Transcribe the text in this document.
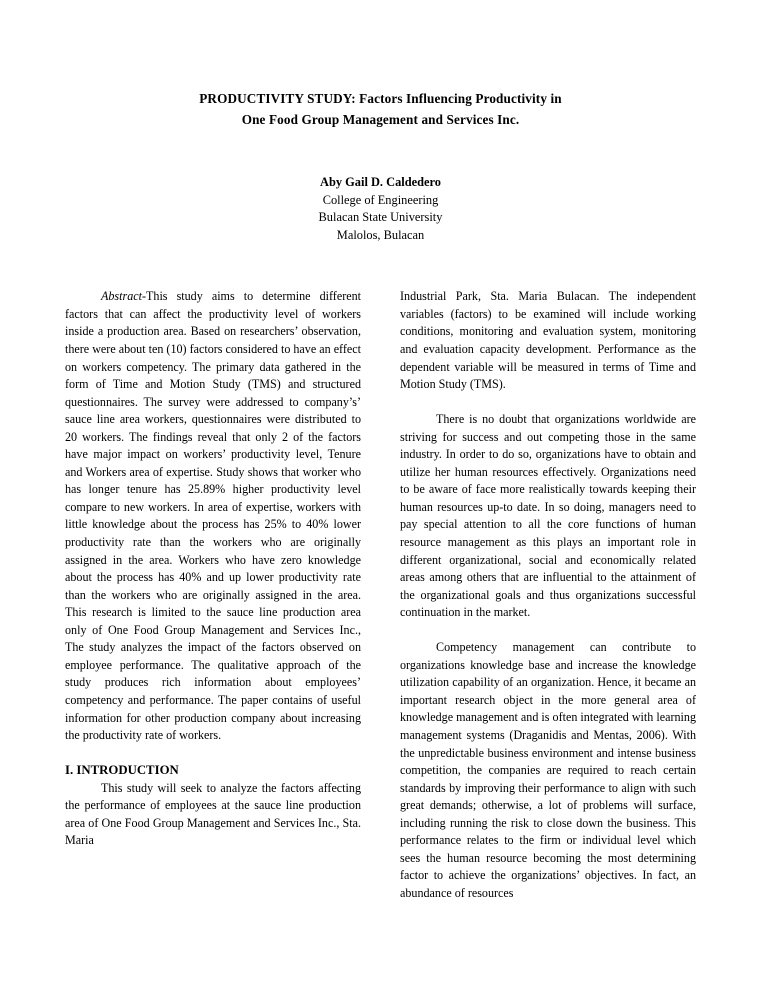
PRODUCTIVITY STUDY: Factors Influencing Productivity in
One Food Group Management and Services Inc.
Aby Gail D. Caldedero
College of Engineering
Bulacan State University
Malolos, Bulacan

Abstract-This study aims to determine different factors that can affect the productivity level of workers inside a production area. Based on researchers’ observation, there were about ten (10) factors considered to have an effect on workers competency. The primary data gathered in the form of Time and Motion Study (TMS) and structured questionnaires. The survey were addressed to company’s’ sauce line area workers, questionnaires were distributed to 20 workers. The findings reveal that only 2 of the factors have major impact on workers’ productivity level, Tenure and Workers area of expertise. Study shows that worker who has longer tenure has 25.89% higher productivity level compare to new workers. In area of expertise, workers with little knowledge about the process has 25% to 40% lower productivity rate than the workers who are originally assigned in the area. Workers who have zero knowledge about the process has 40% and up lower productivity rate than the workers who are originally assigned in the area. This research is limited to the sauce line production area only of One Food Group Management and Services Inc., The study analyzes the impact of the factors observed on employee performance. The qualitative approach of the study produces rich information about employees’ competency and performance. The paper contains of useful information for other production company about increasing the productivity rate of workers.

I. INTRODUCTION

This study will seek to analyze the factors affecting the performance of employees at the sauce line production area of One Food Group Management and Services Inc., Sta. Maria

Industrial Park, Sta. Maria Bulacan. The independent variables (factors) to be examined will include working conditions, monitoring and evaluation system, monitoring and evaluation capacity development. Performance as the dependent variable will be measured in terms of Time and Motion Study (TMS).

There is no doubt that organizations worldwide are striving for success and out competing those in the same industry. In order to do so, organizations have to obtain and utilize her human resources effectively. Organizations need to be aware of face more realistically towards keeping their human resources up-to date. In so doing, managers need to pay special attention to all the core functions of human resource management as this plays an important role in different organizational, social and economically related areas among others that are influential to the attainment of the organizational goals and thus organizations successful continuation in the market.

Competency management can contribute to organizations knowledge base and increase the knowledge utilization capability of an organization. Hence, it became an important research object in the more general area of knowledge management and is often integrated with learning management systems (Draganidis and Mentas, 2006). With the unpredictable business environment and intense business competition, the companies are required to reach certain standards by improving their performance to align with such great demands; otherwise, a lot of problems will surface, including running the risk to close down the business. This performance relates to the firm or individual level which sees the human resource becoming the most determining factor to achieve the organizations’ objectives. In fact, an abundance of resources
